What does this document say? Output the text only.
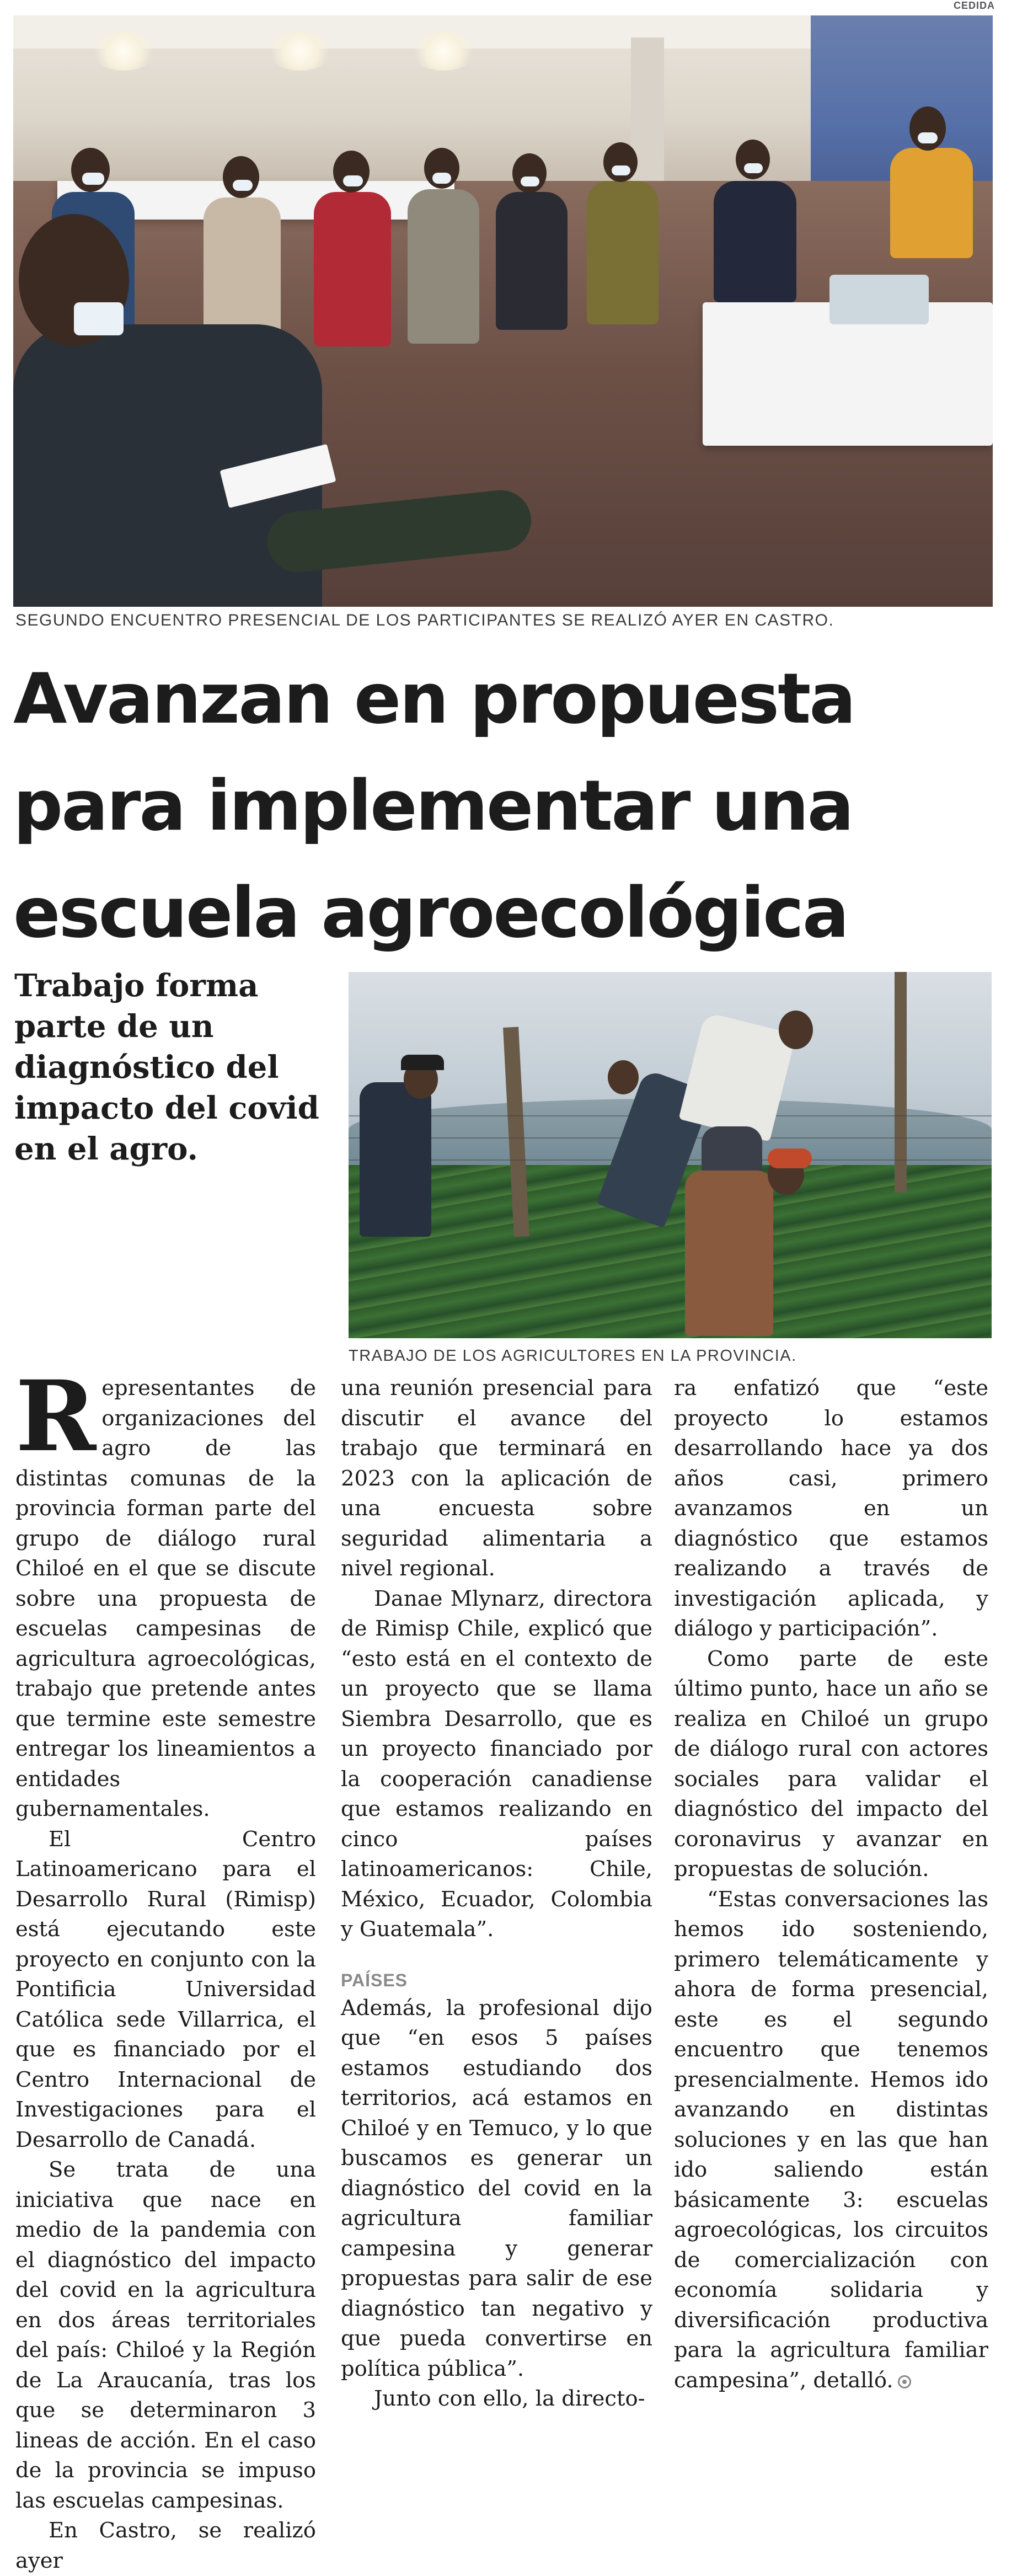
CEDIDA
SEGUNDO ENCUENTRO PRESENCIAL DE LOS PARTICIPANTES SE REALIZÓ AYER EN CASTRO.
Avanzan en propuesta para implementar una escuela agroecológica

Trabajo forma parte de un diagnóstico del impacto del covid en el agro.

TRABAJO DE LOS AGRICULTORES EN LA PROVINCIA.

Representantes de organizaciones del agro de las distintas comunas de la provincia forman parte del grupo de diálogo rural Chiloé en el que se discute sobre una propuesta de escuelas campesinas de agricultura agroecológicas, trabajo que pretende antes que termine este semestre entregar los lineamientos a entidades gubernamentales.

El Centro Latinoamericano para el Desarrollo Rural (Rimisp) está ejecutando este proyecto en conjunto con la Pontificia Universidad Católica sede Villarrica, el que es financiado por el Centro Internacional de Investigaciones para el Desarrollo de Canadá.

Se trata de una iniciativa que nace en medio de la pandemia con el diagnóstico del impacto del covid en la agricultura en dos áreas territoriales del país: Chiloé y la Región de La Araucanía, tras los que se determinaron 3 lineas de acción. En el caso de la provincia se impuso las escuelas campesinas.

En Castro, se realizó ayer

una reunión presencial para discutir el avance del trabajo que terminará en 2023 con la aplicación de una encuesta sobre seguridad alimentaria a nivel regional.

Danae Mlynarz, directora de Rimisp Chile, explicó que “esto está en el contexto de un proyecto que se llama Siembra Desarrollo, que es un proyecto financiado por la cooperación canadiense que estamos realizando en cinco países latinoamericanos: Chile, México, Ecuador, Colombia y Guatemala”.

PAÍSES

Además, la profesional dijo que “en esos 5 países estamos estudiando dos territorios, acá estamos en Chiloé y en Temuco, y lo que buscamos es generar un diagnóstico del covid en la agricultura familiar campesina y generar propuestas para salir de ese diagnóstico tan negativo y que pueda convertirse en política pública”.

Junto con ello, la directo-

ra enfatizó que “este proyecto lo estamos desarrollando hace ya dos años casi, primero avanzamos en un diagnóstico que estamos realizando a través de investigación aplicada, y diálogo y participación”.

Como parte de este último punto, hace un año se realiza en Chiloé un grupo de diálogo rural con actores sociales para validar el diagnóstico del impacto del coronavirus y avanzar en propuestas de solución.

“Estas conversaciones las hemos ido sosteniendo, primero telemáticamente y ahora de forma presencial, este es el segundo encuentro que tenemos presencialmente. Hemos ido avanzando en distintas soluciones y en las que han ido saliendo están básicamente 3: escuelas agroecológicas, los circuitos de comercialización con economía solidaria y diversificación productiva para la agricultura familiar campesina”, detalló.
